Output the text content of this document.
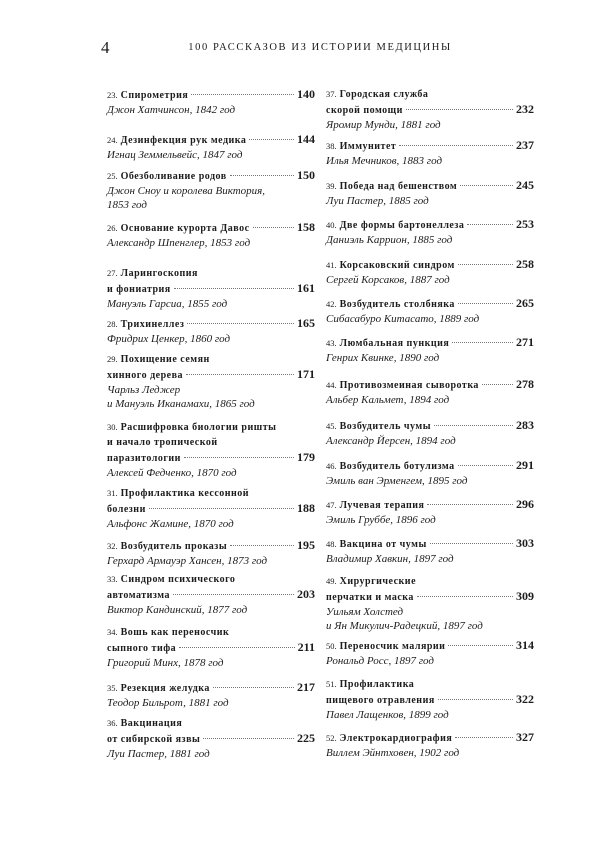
4	100 РАССКАЗОВ ИЗ ИСТОРИИ МЕДИЦИНЫ
23. Спирометрия	140
Джон Хатчинсон, 1842 год
24. Дезинфекция рук медика	144
Игнац Земмельвейс, 1847 год
25. Обезболивание родов	150
Джон Сноу и королева Виктория,
1853 год
26. Основание курорта Давос	158
Александр Шпенглер, 1853 год
27. Ларингоскопия
и фониатрия	161
Мануэль Гарсиа, 1855 год
28. Трихинеллез	165
Фридрих Ценкер, 1860 год
29. Похищение семян
хинного дерева	171
Чарльз Леджер
и Мануэль Иканамахи, 1865 год
30. Расшифровка биологии ришты
и начало тропической
паразитологии	179
Алексей Федченко, 1870 год
31. Профилактика кессонной
болезни	188
Альфонс Жамине, 1870 год
32. Возбудитель проказы	195
Герхард Армауэр Хансен, 1873 год
33. Синдром психического
автоматизма	203
Виктор Кандинский, 1877 год
34. Вошь как переносчик
сыпного тифа	211
Григорий Минх, 1878 год
35. Резекция желудка	217
Теодор Бильрот, 1881 год
36. Вакцинация
от сибирской язвы	225
Луи Пастер, 1881 год
37. Городская служба
скорой помощи	232
Яромир Мунди, 1881 год
38. Иммунитет	237
Илья Мечников, 1883 год
39. Победа над бешенством	245
Луи Пастер, 1885 год
40. Две формы бартонеллеза	253
Даниэль Каррион, 1885 год
41. Корсаковский синдром	258
Сергей Корсаков, 1887 год
42. Возбудитель столбняка	265
Сибасабуро Китасато, 1889 год
43. Люмбальная пункция	271
Генрих Квинке, 1890 год
44. Противозмеиная сыворотка	278
Альбер Кальмет, 1894 год
45. Возбудитель чумы	283
Александр Йерсен, 1894 год
46. Возбудитель ботулизма	291
Эмиль ван Эрменгем, 1895 год
47. Лучевая терапия	296
Эмиль Груббе, 1896 год
48. Вакцина от чумы	303
Владимир Хавкин, 1897 год
49. Хирургические
перчатки и маска	309
Уильям Холстед
и Ян Микулич-Радецкий, 1897 год
50. Переносчик малярии	314
Рональд Росс, 1897 год
51. Профилактика
пищевого отравления	322
Павел Лащенков, 1899 год
52. Электрокардиография	327
Виллем Эйнтховен, 1902 год
